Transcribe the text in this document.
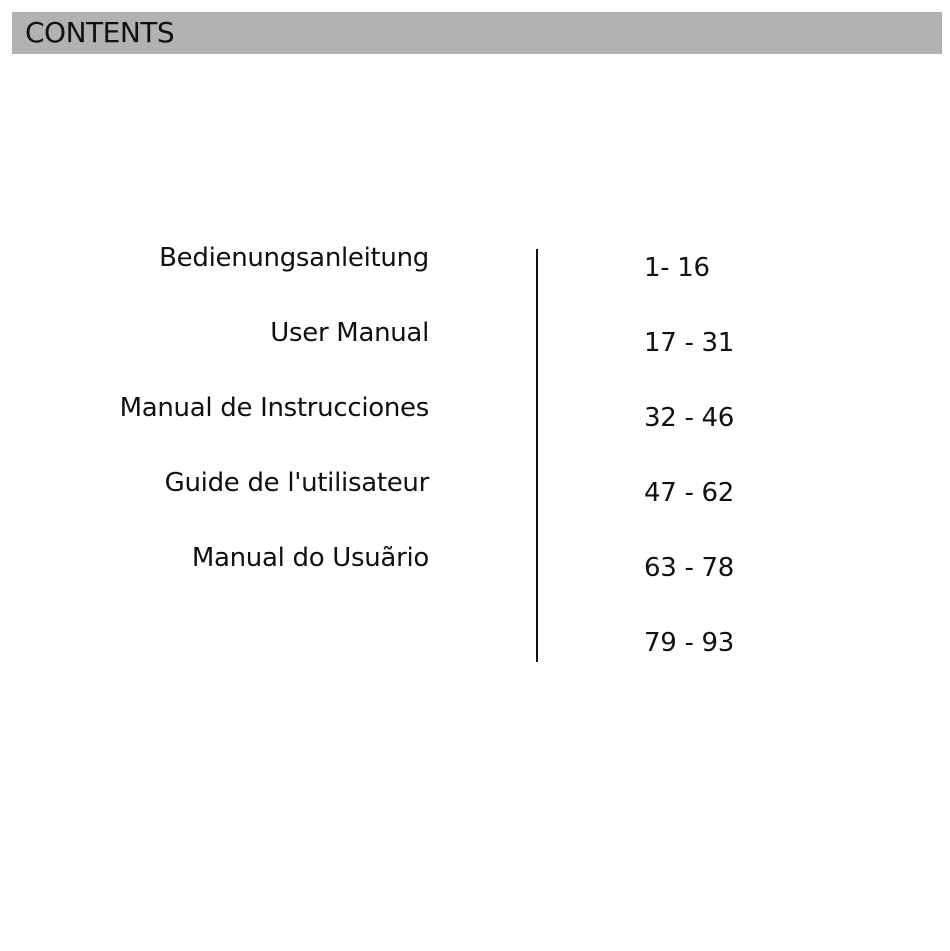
CONTENTS
Bedienungsanleitung
User Manual
Manual de Instrucciones
Guide de l'utilisateur
Manual do Usuãrio
1- 16
17 - 31
32 - 46
47 - 62
63 - 78
79 - 93
